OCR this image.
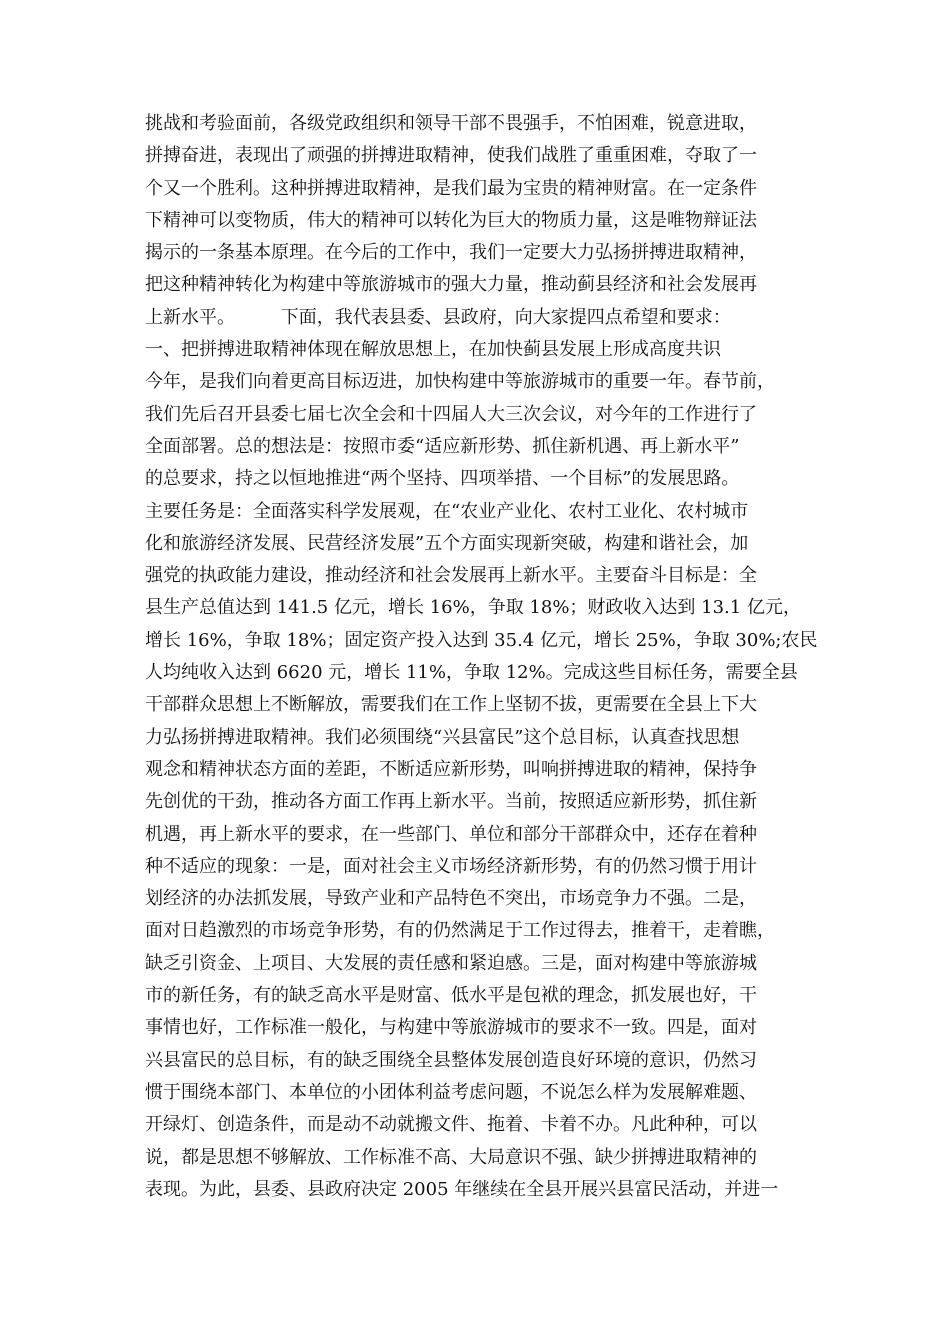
挑战和考验面前，各级党政组织和领导干部不畏强手，不怕困难，锐意进取，
拼搏奋进，表现出了顽强的拼搏进取精神，使我们战胜了重重困难，夺取了一
个又一个胜利。这种拼搏进取精神，是我们最为宝贵的精神财富。在一定条件
下精神可以变物质，伟大的精神可以转化为巨大的物质力量，这是唯物辩证法
揭示的一条基本原理。在今后的工作中，我们一定要大力弘扬拼搏进取精神，
把这种精神转化为构建中等旅游城市的强大力量，推动蓟县经济和社会发展再
上新水平。        下面，我代表县委、县政府，向大家提四点希望和要求：
一、把拼搏进取精神体现在解放思想上，在加快蓟县发展上形成高度共识
今年，是我们向着更高目标迈进，加快构建中等旅游城市的重要一年。春节前，
我们先后召开县委七届七次全会和十四届人大三次会议，对今年的工作进行了
全面部署。总的想法是：按照市委“适应新形势、抓住新机遇、再上新水平”
的总要求，持之以恒地推进“两个坚持、四项举措、一个目标”的发展思路。
主要任务是：全面落实科学发展观，在“农业产业化、农村工业化、农村城市
化和旅游经济发展、民营经济发展”五个方面实现新突破，构建和谐社会，加
强党的执政能力建设，推动经济和社会发展再上新水平。主要奋斗目标是：全
县生产总值达到 141.5 亿元，增长 16%，争取 18%；财政收入达到 13.1 亿元，
增长 16%，争取 18%；固定资产投入达到 35.4 亿元，增长 25%，争取 30%;农民
人均纯收入达到 6620 元，增长 11%，争取 12%。完成这些目标任务，需要全县
干部群众思想上不断解放，需要我们在工作上坚韧不拔，更需要在全县上下大
力弘扬拼搏进取精神。我们必须围绕“兴县富民”这个总目标，认真查找思想
观念和精神状态方面的差距，不断适应新形势，叫响拼搏进取的精神，保持争
先创优的干劲，推动各方面工作再上新水平。当前，按照适应新形势，抓住新
机遇，再上新水平的要求，在一些部门、单位和部分干部群众中，还存在着种
种不适应的现象：一是，面对社会主义市场经济新形势，有的仍然习惯于用计
划经济的办法抓发展，导致产业和产品特色不突出，市场竞争力不强。二是，
面对日趋激烈的市场竞争形势，有的仍然满足于工作过得去，推着干，走着瞧，
缺乏引资金、上项目、大发展的责任感和紧迫感。三是，面对构建中等旅游城
市的新任务，有的缺乏高水平是财富、低水平是包袱的理念，抓发展也好，干
事情也好，工作标准一般化，与构建中等旅游城市的要求不一致。四是，面对
兴县富民的总目标，有的缺乏围绕全县整体发展创造良好环境的意识，仍然习
惯于围绕本部门、本单位的小团体利益考虑问题，不说怎么样为发展解难题、
开绿灯、创造条件，而是动不动就搬文件、拖着、卡着不办。凡此种种，可以
说，都是思想不够解放、工作标准不高、大局意识不强、缺少拼搏进取精神的
表现。为此，县委、县政府决定 2005 年继续在全县开展兴县富民活动，并进一
